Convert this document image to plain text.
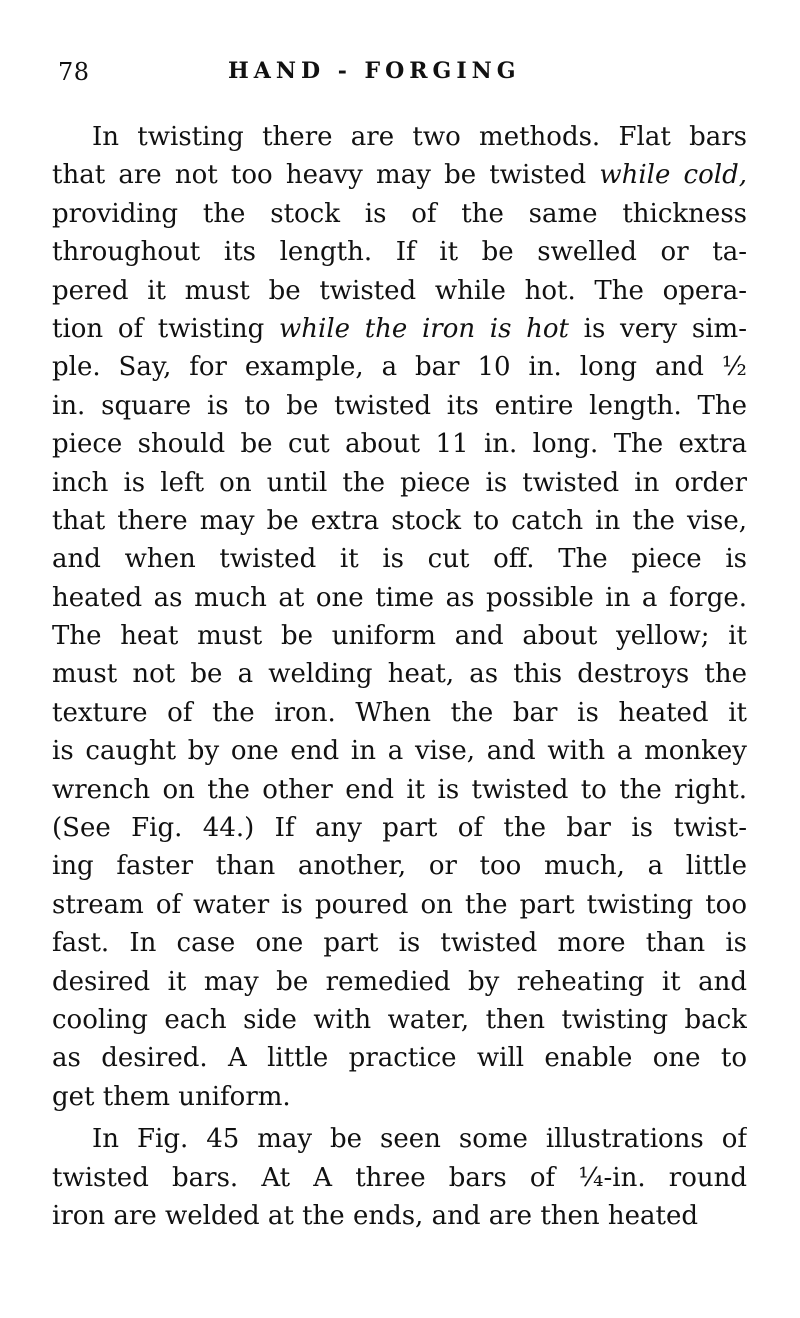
78	HAND - FORGING
In twisting there are two methods. Flat bars
that are not too heavy may be twisted while cold,
providing the stock is of the same thickness
throughout its length. If it be swelled or ta-
pered it must be twisted while hot. The opera-
tion of twisting while the iron is hot is very sim-
ple. Say, for example, a bar 10 in. long and ½
in. square is to be twisted its entire length. The
piece should be cut about 11 in. long. The extra
inch is left on until the piece is twisted in order
that there may be extra stock to catch in the vise,
and when twisted it is cut off. The piece is
heated as much at one time as possible in a forge.
The heat must be uniform and about yellow; it
must not be a welding heat, as this destroys the
texture of the iron. When the bar is heated it
is caught by one end in a vise, and with a monkey
wrench on the other end it is twisted to the right.
(See Fig. 44.) If any part of the bar is twist-
ing faster than another, or too much, a little
stream of water is poured on the part twisting too
fast. In case one part is twisted more than is
desired it may be remedied by reheating it and
cooling each side with water, then twisting back
as desired. A little practice will enable one to
get them uniform.
In Fig. 45 may be seen some illustrations of
twisted bars. At A three bars of ¼-in. round
iron are welded at the ends, and are then heated
